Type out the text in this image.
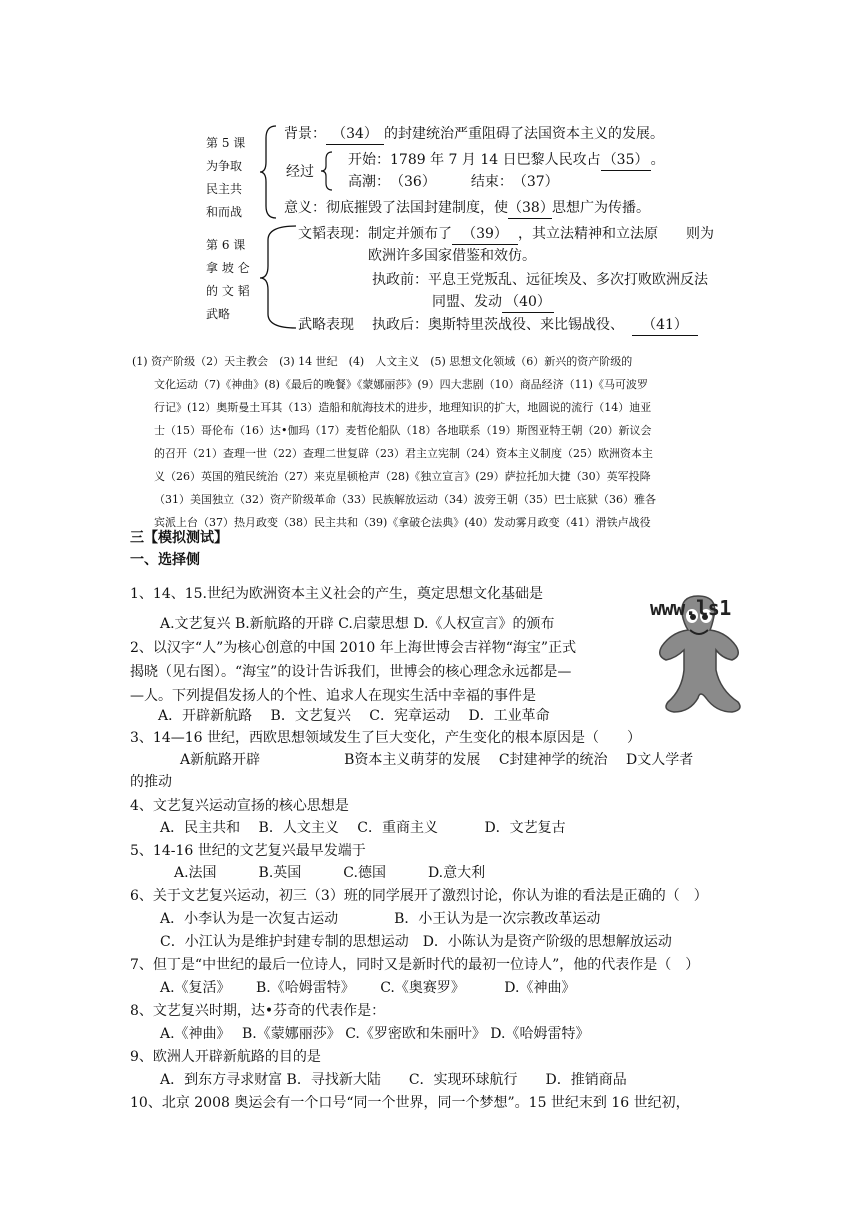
第 5 课
为争取
民主共
和而战
背景： （34） 的封建统治严重阻碍了法国资本主义的发展。
经过
开始：1789 年 7 月 14 日巴黎人民攻占 （35） 。
高潮：　（36）　　　结束：　（37）
意义：彻底摧毁了法国封建制度，使（38）思想广为传播。
第 6 课
拿 坡 仑
的 文 韬
武略
文韬表现：制定并颁布了 （39） ，其立法精神和立法原　　则为
欧洲许多国家借鉴和效仿。
执政前：平息王党叛乱、远征埃及、多次打败欧洲反法
同盟、发动 （40）
武略表现 执政后：奥斯特里茨战役、来比锡战役、 （41）
(1) 资产阶级（2）天主教会　(3) 14 世纪　(4)　人文主义　(5) 思想文化领域（6）新兴的资产阶级的
文化运动（7)《神曲》(8)《最后的晚餐》《蒙娜丽莎》(9）四大悲剧（10）商品经济（11)《马可波罗
行记》(12）奥斯曼土耳其（13）造船和航海技术的进步，地理知识的扩大，地圆说的流行（14）迪亚
士（15）哥伦布（16）达•伽玛（17）麦哲伦船队（18）各地联系（19）斯图亚特王朝（20）新议会
的召开（21）查理一世（22）查理二世复辟（23）君主立宪制（24）资本主义制度（25）欧洲资本主
义（26）英国的殖民统治（27）来克星顿枪声（28)《独立宣言》(29）萨拉托加大捷（30）英军投降
（31）美国独立（32）资产阶级革命（33）民族解放运动（34）波旁王朝（35）巴士底狱（36）雅各
宾派上台（37）热月政变（38）民主共和（39)《拿破仑法典》(40）发动雾月政变（41）滑铁卢战役
三【模拟测试】
一、选择侧
www.ls1
1、14、15.世纪为欧洲资本主义社会的产生，奠定思想文化基础是
A.文艺复兴 B.新航路的开辟 C.启蒙思想 D.《人权宣言》的颁布
2、以汉字“人”为核心创意的中国 2010 年上海世博会吉祥物“海宝”正式
揭晓（见右图）。“海宝”的设计告诉我们，世博会的核心理念永远都是—
—人。下列提倡发扬人的个性、追求人在现实生活中幸福的事件是
A．开辟新航路　 B．文艺复兴　 C．宪章运动　 D．工业革命
3、14—16 世纪，西欧思想领域发生了巨大变化，产生变化的根本原因是（　　）
A新航路开辟　　　　　　B资本主义萌芽的发展　 C封建神学的统治　 D文人学者
的推动
4、文艺复兴运动宣扬的核心思想是
A．民主共和　 B．人文主义　 C．重商主义　　　 D．文艺复古
5、14-16 世纪的文艺复兴最早发端于
A.法国　　　B.英国　　　C.德国　　　D.意大利
6、关于文艺复兴运动，初三（3）班的同学展开了激烈讨论，你认为谁的看法是正确的（　）
A．小李认为是一次复古运动　　　　B．小王认为是一次宗教改革运动
C．小江认为是维护封建专制的思想运动　D．小陈认为是资产阶级的思想解放运动
7、但丁是“中世纪的最后一位诗人，同时又是新时代的最初一位诗人”，他的代表作是（　）
A.《复活》　　 B.《哈姆雷特》　　 C.《奥赛罗》　　　 D.《神曲》
8、文艺复兴时期，达•芬奇的代表作是：
A.《神曲》　 B.《蒙娜丽莎》 C.《罗密欧和朱丽叶》 D.《哈姆雷特》
9、欧洲人开辟新航路的目的是
A．到东方寻求财富 B．寻找新大陆　　C．实现环球航行　　D．推销商品
10、北京 2008 奥运会有一个口号“同一个世界，同一个梦想”。15 世纪末到 16 世纪初，
